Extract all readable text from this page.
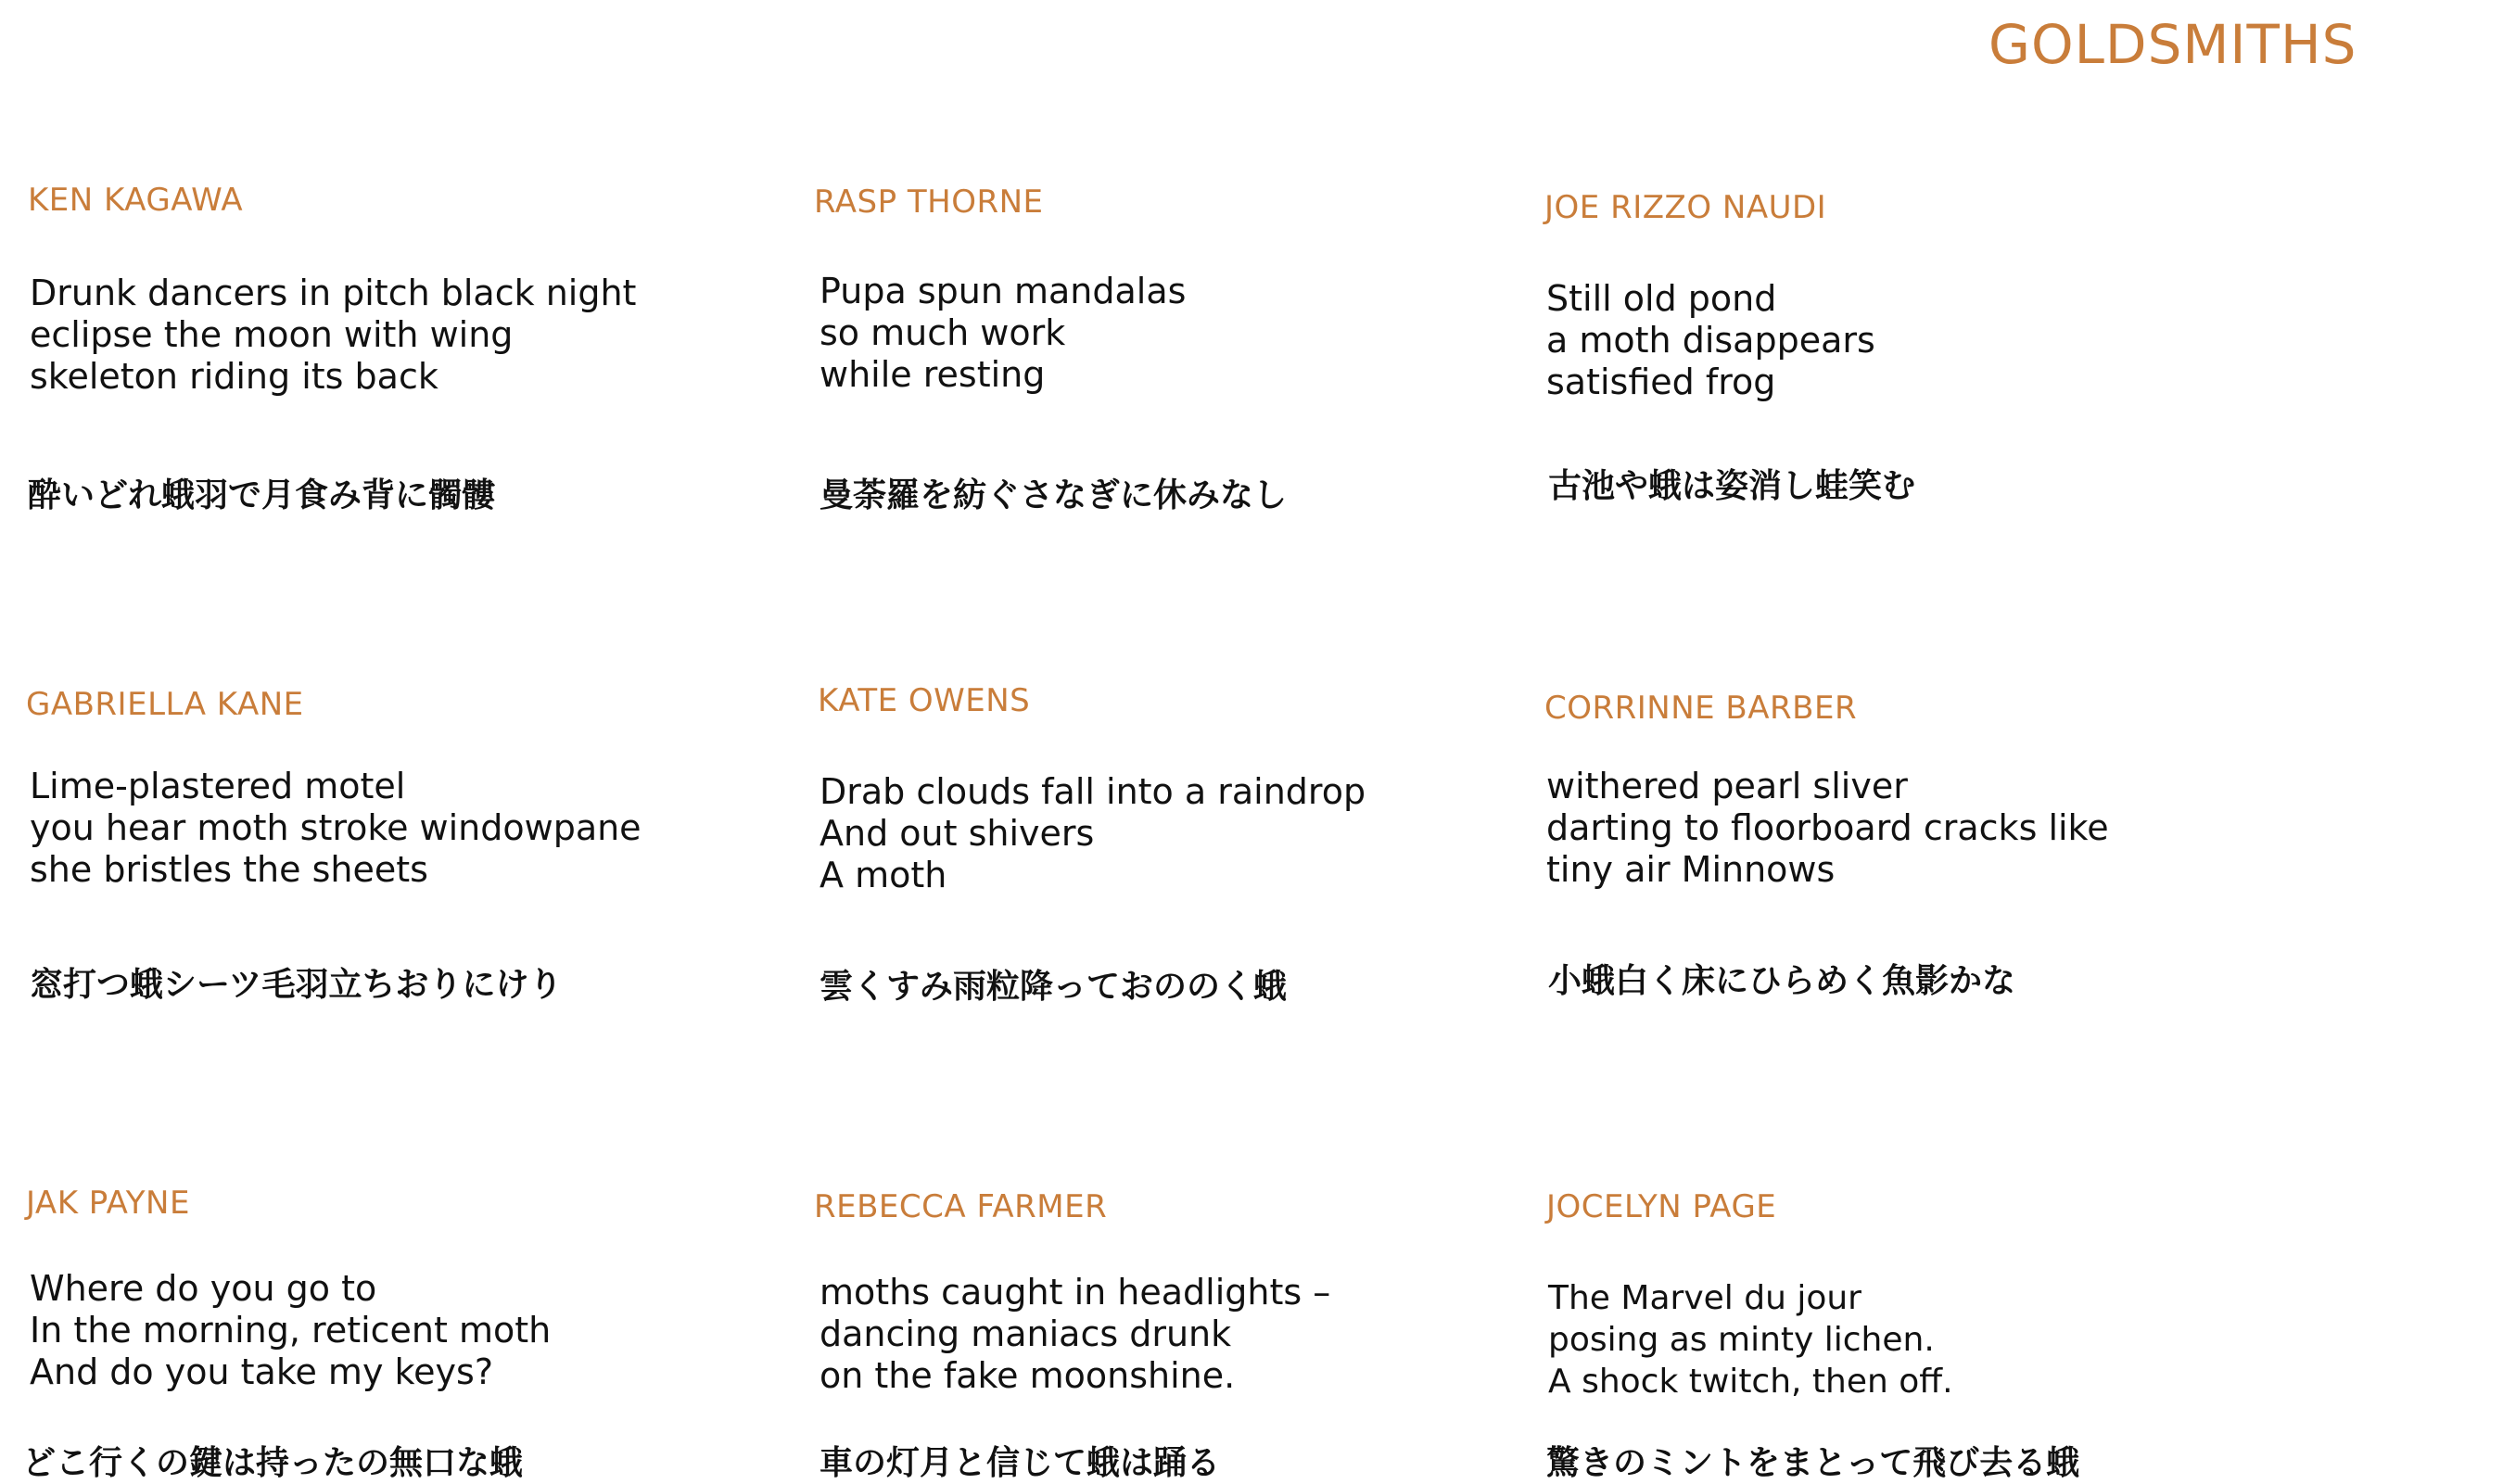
GOLDSMITHS
KEN KAGAWA
Drunk dancers in pitch black night
eclipse the moon with wing
skeleton riding its back
酔いどれ蛾羽で月食み背に髑髏
RASP THORNE
Pupa spun mandalas
so much work
while resting
曼荼羅を紡ぐさなぎに休みなし
JOE RIZZO NAUDI
Still old pond
a moth disappears
satisfied frog
古池や蛾は姿消し蛙笑む
GABRIELLA KANE
Lime-plastered motel
you hear moth stroke windowpane
she bristles the sheets
窓打つ蛾シーツ毛羽立ちおりにけり
KATE OWENS
Drab clouds fall into a raindrop
And out shivers
A moth
雲くすみ雨粒降っておののく蛾
CORRINNE BARBER
withered pearl sliver
darting to floorboard cracks like
tiny air Minnows
小蛾白く床にひらめく魚影かな
JAK PAYNE
Where do you go to
In the morning, reticent moth
And do you take my keys?
どこ行くの鍵は持ったの無口な蛾
REBECCA FARMER
moths caught in headlights –
dancing maniacs drunk
on the fake moonshine.
車の灯月と信じて蛾は踊る
JOCELYN PAGE
The Marvel du jour
posing as minty lichen.
A shock twitch, then off.
驚きのミントをまとって飛び去る蛾
